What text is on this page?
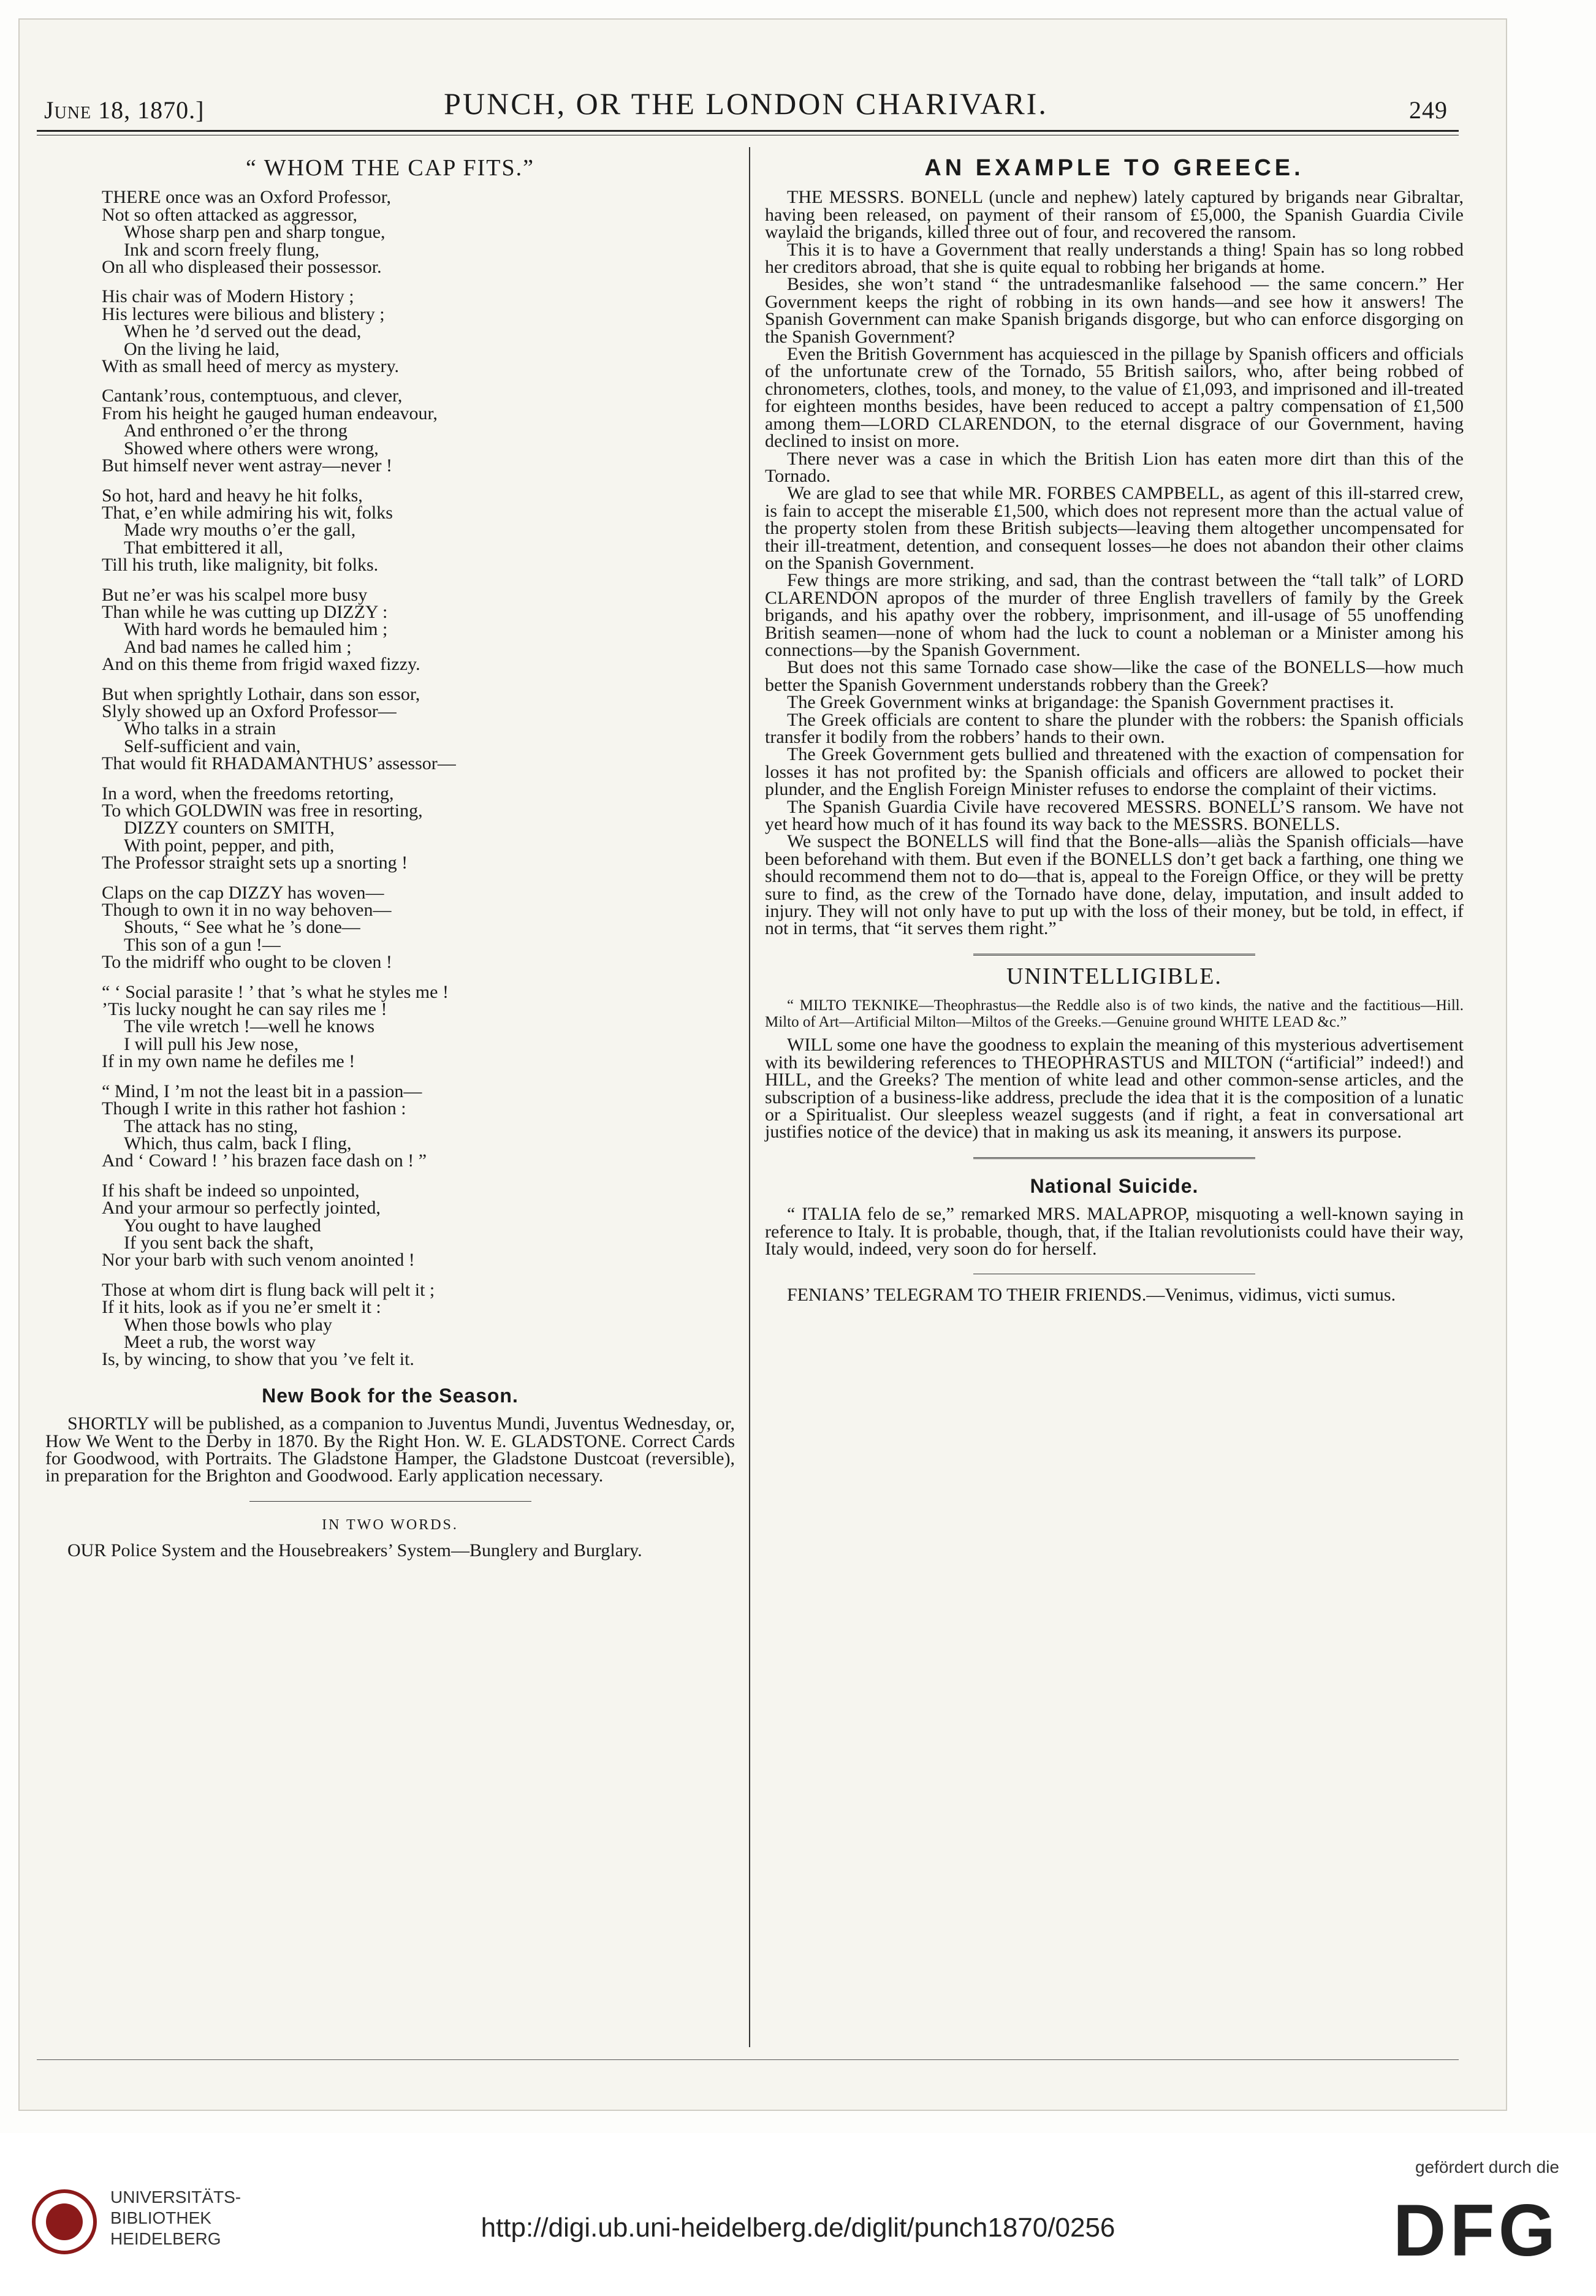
June 18, 1870.]	PUNCH, OR THE LONDON CHARIVARI.	249
“ WHOM THE CAP FITS.”
THERE once was an Oxford Professor,
Not so often attacked as aggressor,
Whose sharp pen and sharp tongue,
Ink and scorn freely flung,
On all who displeased their possessor.
His chair was of Modern History ;
His lectures were bilious and blistery ;
When he ’d served out the dead,
On the living he laid,
With as small heed of mercy as mystery.
Cantank’rous, contemptuous, and clever,
From his height he gauged human endeavour,
And enthroned o’er the throng
Showed where others were wrong,
But himself never went astray—never !
So hot, hard and heavy he hit folks,
That, e’en while admiring his wit, folks
Made wry mouths o’er the gall,
That embittered it all,
Till his truth, like malignity, bit folks.
But ne’er was his scalpel more busy
Than while he was cutting up DIZZY :
With hard words he bemauled him ;
And bad names he called him ;
And on this theme from frigid waxed fizzy.
But when sprightly Lothair, dans son essor,
Slyly showed up an Oxford Professor—
Who talks in a strain
Self-sufficient and vain,
That would fit RHADAMANTHUS’ assessor—
In a word, when the freedoms retorting,
To which GOLDWIN was free in resorting,
DIZZY counters on SMITH,
With point, pepper, and pith,
The Professor straight sets up a snorting !
Claps on the cap DIZZY has woven—
Though to own it in no way behoven—
Shouts, “ See what he ’s done—
This son of a gun !—
To the midriff who ought to be cloven !
“ ‘ Social parasite ! ’ that ’s what he styles me !
’Tis lucky nought he can say riles me !
The vile wretch !—well he knows
I will pull his Jew nose,
If in my own name he defiles me !
“ Mind, I ’m not the least bit in a passion—
Though I write in this rather hot fashion :
The attack has no sting,
Which, thus calm, back I fling,
And ‘ Coward ! ’ his brazen face dash on ! ”
If his shaft be indeed so unpointed,
And your armour so perfectly jointed,
You ought to have laughed
If you sent back the shaft,
Nor your barb with such venom anointed !
Those at whom dirt is flung back will pelt it ;
If it hits, look as if you ne’er smelt it :
When those bowls who play
Meet a rub, the worst way
Is, by wincing, to show that you ’ve felt it.
New Book for the Season.

SHORTLY will be published, as a companion to Juventus Mundi, Juventus Wednesday, or, How We Went to the Derby in 1870. By the Right Hon. W. E. GLADSTONE. Correct Cards for Goodwood, with Portraits. The Gladstone Hamper, the Gladstone Dustcoat (reversible), in preparation for the Brighton and Goodwood. Early application necessary.

IN TWO WORDS.

OUR Police System and the Housebreakers’ System—Bunglery and Burglary.

AN EXAMPLE TO GREECE.

THE MESSRS. BONELL (uncle and nephew) lately captured by brigands near Gibraltar, having been released, on payment of their ransom of £5,000, the Spanish Guardia Civile waylaid the brigands, killed three out of four, and recovered the ransom.

This it is to have a Government that really understands a thing! Spain has so long robbed her creditors abroad, that she is quite equal to robbing her brigands at home.

Besides, she won’t stand “ the untradesmanlike falsehood — the same concern.” Her Government keeps the right of robbing in its own hands—and see how it answers! The Spanish Government can make Spanish brigands disgorge, but who can enforce disgorging on the Spanish Government?

Even the British Government has acquiesced in the pillage by Spanish officers and officials of the unfortunate crew of the Tornado, 55 British sailors, who, after being robbed of chronometers, clothes, tools, and money, to the value of £1,093, and imprisoned and ill-treated for eighteen months besides, have been reduced to accept a paltry compensation of £1,500 among them—LORD CLARENDON, to the eternal disgrace of our Government, having declined to insist on more.

There never was a case in which the British Lion has eaten more dirt than this of the Tornado.

We are glad to see that while MR. FORBES CAMPBELL, as agent of this ill-starred crew, is fain to accept the miserable £1,500, which does not represent more than the actual value of the property stolen from these British subjects—leaving them altogether uncompensated for their ill-treatment, detention, and consequent losses—he does not abandon their other claims on the Spanish Government.

Few things are more striking, and sad, than the contrast between the “tall talk” of LORD CLARENDON apropos of the murder of three English travellers of family by the Greek brigands, and his apathy over the robbery, imprisonment, and ill-usage of 55 unoffending British seamen—none of whom had the luck to count a nobleman or a Minister among his connections—by the Spanish Government.

But does not this same Tornado case show—like the case of the BONELLS—how much better the Spanish Government understands robbery than the Greek?

The Greek Government winks at brigandage: the Spanish Government practises it.

The Greek officials are content to share the plunder with the robbers: the Spanish officials transfer it bodily from the robbers’ hands to their own.

The Greek Government gets bullied and threatened with the exaction of compensation for losses it has not profited by: the Spanish officials and officers are allowed to pocket their plunder, and the English Foreign Minister refuses to endorse the complaint of their victims.

The Spanish Guardia Civile have recovered MESSRS. BONELL’S ransom. We have not yet heard how much of it has found its way back to the MESSRS. BONELLS.

We suspect the BONELLS will find that the Bone-alls—aliàs the Spanish officials—have been beforehand with them. But even if the BONELLS don’t get back a farthing, one thing we should recommend them not to do—that is, appeal to the Foreign Office, or they will be pretty sure to find, as the crew of the Tornado have done, delay, imputation, and insult added to injury. They will not only have to put up with the loss of their money, but be told, in effect, if not in terms, that “it serves them right.”

UNINTELLIGIBLE.

“ MILTO TEKNIKE—Theophrastus—the Reddle also is of two kinds, the native and the factitious—Hill. Milto of Art—Artificial Milton—Miltos of the Greeks.—Genuine ground WHITE LEAD &c.”

WILL some one have the goodness to explain the meaning of this mysterious advertisement with its bewildering references to THEOPHRASTUS and MILTON (“artificial” indeed!) and HILL, and the Greeks? The mention of white lead and other common-sense articles, and the subscription of a business-like address, preclude the idea that it is the composition of a lunatic or a Spiritualist. Our sleepless weazel suggests (and if right, a feat in conversational art justifies notice of the device) that in making us ask its meaning, it answers its purpose.

National Suicide.

“ ITALIA felo de se,” remarked MRS. MALAPROP, misquoting a well-known saying in reference to Italy. It is probable, though, that, if the Italian revolutionists could have their way, Italy would, indeed, very soon do for herself.

FENIANS’ TELEGRAM TO THEIR FRIENDS.—Venimus, vidimus, victi sumus.

UNIVERSITÄTS-
BIBLIOTHEK
HEIDELBERG	http://digi.ub.uni-heidelberg.de/diglit/punch1870/0256
gefördert durch die
DFG
